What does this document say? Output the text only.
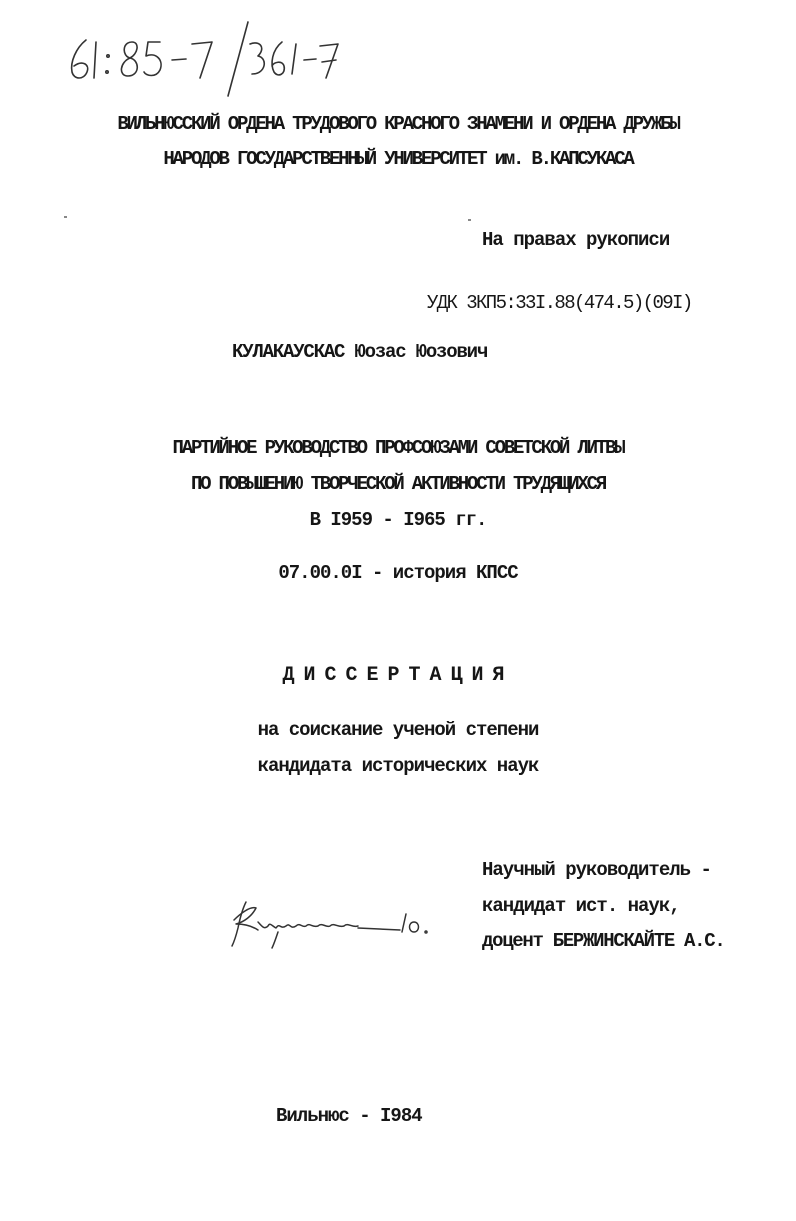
ВИЛЬНЮССКИЙ ОРДЕНА ТРУДОВОГО КРАСНОГО ЗНАМЕНИ И ОРДЕНА ДРУЖБЫ
НАРОДОВ ГОСУДАРСТВЕННЫЙ УНИВЕРСИТЕТ им. В.КАПСУКАСА
На правах рукописи
УДК 3КП5:33I.88(474.5)(09I)
КУЛАКАУСКАС Юозас Юозович
ПАРТИЙНОЕ РУКОВОДСТВО ПРОФСОЮЗАМИ СОВЕТСКОЙ ЛИТВЫ
ПО ПОВЫШЕНИЮ ТВОРЧЕСКОЙ АКТИВНОСТИ ТРУДЯЩИХСЯ
В I959 - I965 гг.
07.00.0I - история КПСС
ДИССЕРТАЦИЯ
на соискание ученой степени
кандидата исторических наук
Научный руководитель -
кандидат ист. наук,
доцент БЕРЖИНСКАЙТЕ А.С.
Вильнюс - I984
